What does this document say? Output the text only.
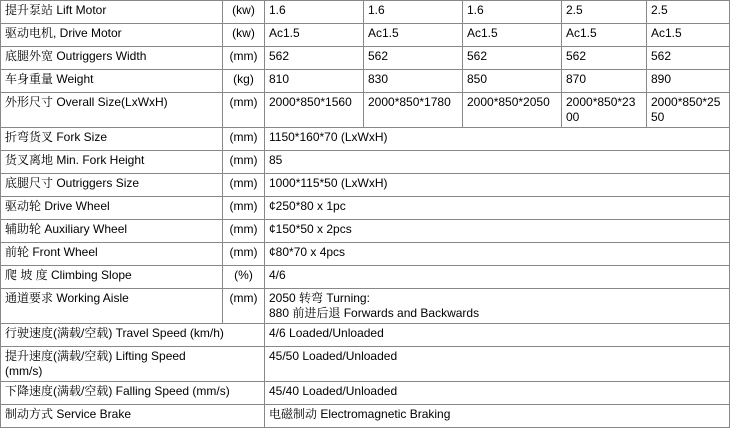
提升泵站 Lift Motor	(kw)	1.6	1.6	1.6	2.5	2.5
驱动电机, Drive Motor	(kw)	Ac1.5	Ac1.5	Ac1.5	Ac1.5	Ac1.5
底腿外宽 Outriggers Width	(mm)	562	562	562	562	562
车身重量 Weight	(kg)	810	830	850	870	890
外形尺寸 Overall Size(LxWxH)	(mm)	2000*850*1560	2000*850*1780	2000*850*2050	2000*850*2300	2000*850*2550
折弯货叉 Fork Size	(mm)	1150*160*70 (LxWxH)				
货叉离地 Min. Fork Height	(mm)	85				
底腿尺寸 Outriggers Size	(mm)	1000*115*50 (LxWxH)				
驱动轮 Drive Wheel	(mm)	¢250*80 x 1pc				
辅助轮 Auxiliary Wheel	(mm)	¢150*50 x 2pcs				
前轮 Front Wheel	(mm)	¢80*70 x 4pcs				
爬 坡 度 Climbing Slope	(%)	4/6				
通道要求 Working Aisle	(mm)	2050 转弯 Turning:
880 前进后退 Forwards and Backwards				
行驶速度(满载/空载) Travel Speed (km/h)		4/6 Loaded/Unloaded				
提升速度(满载/空载) Lifting Speed
(mm/s)		45/50 Loaded/Unloaded				
下降速度(满载/空载) Falling Speed (mm/s)		45/40 Loaded/Unloaded				
制动方式 Service Brake		电磁制动 Electromagnetic Braking				
